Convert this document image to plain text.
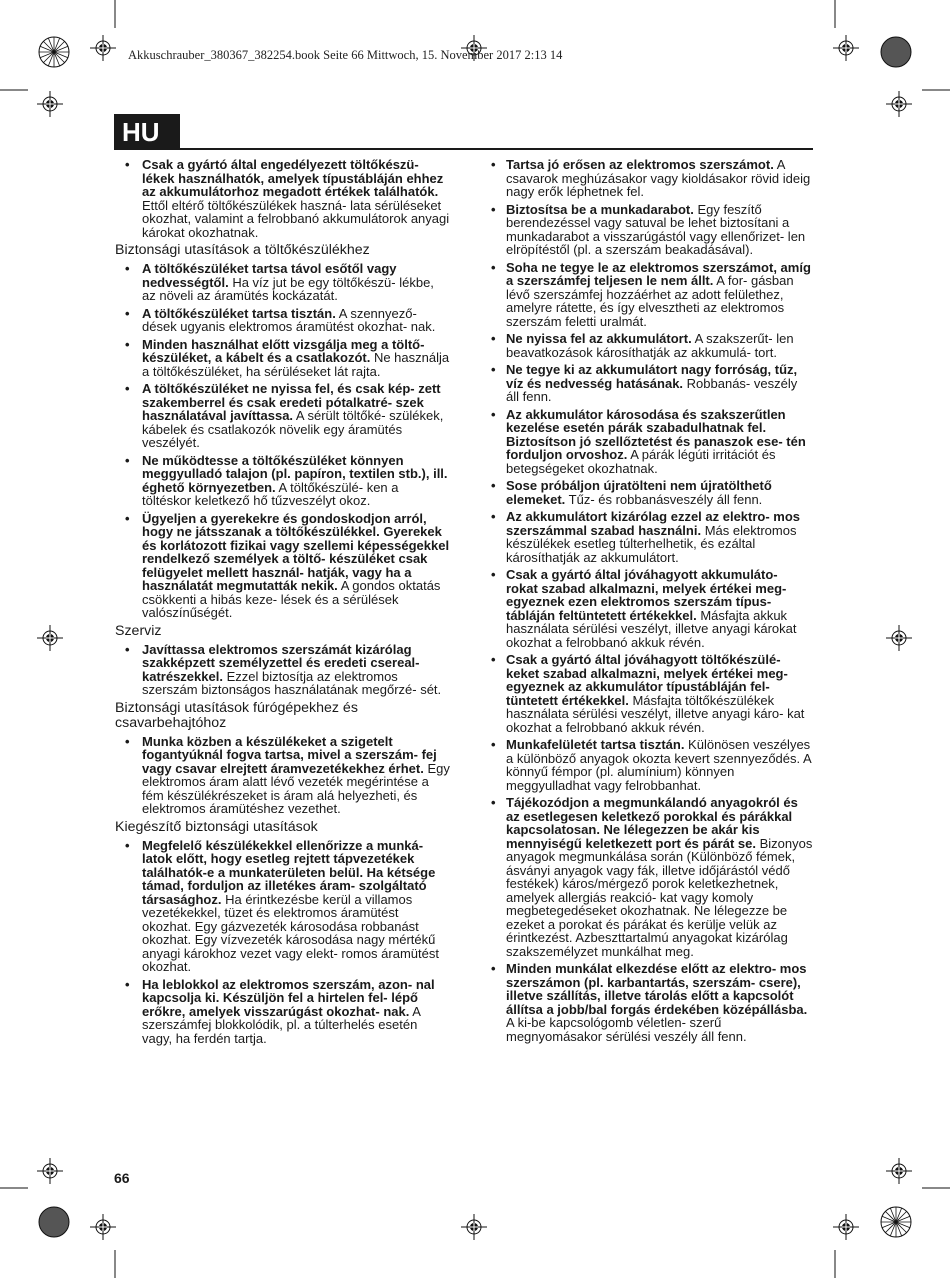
Akkuschrauber_380367_382254.book Seite 66 Mittwoch, 15. November 2017 2:13 14
HU
• Csak a gyártó által engedélyezett töltőkészü- lékek használhatók, amelyek típustábláján ehhez az akkumulátorhoz megadott értékek találhatók. Ettől eltérő töltőkészülékek haszná- lata sérüléseket okozhat, valamint a felrobbanó akkumulátorok anyagi károkat okozhatnak.
Biztonsági utasítások a töltőkészülékhez
• A töltőkészüléket tartsa távol esőtől vagy nedvességtől. Ha víz jut be egy töltőkészü- lékbe, az növeli az áramütés kockázatát.
• A töltőkészüléket tartsa tisztán. A szennyező- dések ugyanis elektromos áramütést okozhat- nak.
• Minden használhat előtt vizsgálja meg a töltő- készüléket, a kábelt és a csatlakozót. Ne használja a töltőkészüléket, ha sérüléseket lát rajta.
• A töltőkészüléket ne nyissa fel, és csak kép- zett szakemberrel és csak eredeti pótalkatré- szek használatával javíttassa. A sérült töltőké- szülékek, kábelek és csatlakozók növelik egy áramütés veszélyét.
• Ne működtesse a töltőkészüléket könnyen meggyulladó talajon (pl. papíron, textilen stb.), ill. éghető környezetben. A töltőkészülé- ken a töltéskor keletkező hő tűzveszélyt okoz.
• Ügyeljen a gyerekekre és gondoskodjon arról, hogy ne játsszanak a töltőkészülékkel. Gyerekek és korlátozott fizikai vagy szellemi képességekkel rendelkező személyek a töltő- készüléket csak felügyelet mellett használ- hatják, vagy ha a használatát megmutatták nekik. A gondos oktatás csökkenti a hibás keze- lések és a sérülések valószínűségét.
Szerviz
• Javíttassa elektromos szerszámát kizárólag szakképzett személyzettel és eredeti csereal- katrészekkel. Ezzel biztosítja az elektromos szerszám biztonságos használatának megőrzé- sét.
Biztonsági utasítások fúrógépekhez és csavarbehajtóhoz
• Munka közben a készülékeket a szigetelt fogantyúknál fogva tartsa, mivel a szerszám- fej vagy csavar elrejtett áramvezetékekhez érhet. Egy elektromos áram alatt lévő vezeték megérintése a fém készülékrészeket is áram alá helyezheti, és elektromos áramütéshez vezethet.
Kiegészítő biztonsági utasítások
• Megfelelő készülékekkel ellenőrizze a munká- latok előtt, hogy esetleg rejtett tápvezetékek találhatók-e a munkaterületen belül. Ha kétsége támad, forduljon az illetékes áram- szolgáltató társasághoz. Ha érintkezésbe kerül a villamos vezetékekkel, tüzet és elektromos áramütést okozhat. Egy gázvezeték károsodása robbanást okozhat. Egy vízvezeték károsodása nagy mértékű anyagi károkhoz vezet vagy elekt- romos áramütést okozhat.
• Ha leblokkol az elektromos szerszám, azon- nal kapcsolja ki. Készüljön fel a hirtelen fel- lépő erőkre, amelyek visszarúgást okozhat- nak. A szerszámfej blokkolódik, pl. a túlterhelés esetén vagy, ha ferdén tartja.
• Tartsa jó erősen az elektromos szerszámot. A csavarok meghúzásakor vagy kioldásakor rövid ideig nagy erők léphetnek fel.
• Biztosítsa be a munkadarabot. Egy feszítő berendezéssel vagy satuval be lehet biztosítani a munkadarabot a visszarúgástól vagy ellenőrizet- len elröpítéstől (pl. a szerszám beakadásával).
• Soha ne tegye le az elektromos szerszámot, amíg a szerszámfej teljesen le nem állt. A for- gásban lévő szerszámfej hozzáérhet az adott felülethez, amelyre rátette, és így elvesztheti az elektromos szerszám feletti uralmát.
• Ne nyissa fel az akkumulátort. A szakszerűt- len beavatkozások károsíthatják az akkumulá- tort.
• Ne tegye ki az akkumulátort nagy forróság, tűz, víz és nedvesség hatásának. Robbanás- veszély áll fenn.
• Az akkumulátor károsodása és szakszerűtlen kezelése esetén párák szabadulhatnak fel. Biztosítson jó szellőztetést és panaszok ese- tén forduljon orvoshoz. A párák légúti irritációt és betegségeket okozhatnak.
• Sose próbáljon újratölteni nem újratölthető elemeket. Tűz- és robbanásveszély áll fenn.
• Az akkumulátort kizárólag ezzel az elektro- mos szerszámmal szabad használni. Más elektromos készülékek esetleg túlterhelhetik, és ezáltal károsíthatják az akkumulátort.
• Csak a gyártó által jóváhagyott akkumuláto- rokat szabad alkalmazni, melyek értékei meg- egyeznek ezen elektromos szerszám típus- tábláján feltüntetett értékekkel. Másfajta akkuk használata sérülési veszélyt, illetve anyagi károkat okozhat a felrobbanó akkuk révén.
• Csak a gyártó által jóváhagyott töltőkészülé- keket szabad alkalmazni, melyek értékei meg- egyeznek az akkumulátor típustábláján fel- tüntetett értékekkel. Másfajta töltőkészülékek használata sérülési veszélyt, illetve anyagi káro- kat okozhat a felrobbanó akkuk révén.
• Munkafelületét tartsa tisztán. Különösen veszélyes a különböző anyagok okozta kevert szennyeződés. A könnyű fémpor (pl. alumínium) könnyen meggyulladhat vagy felrobbanhat.
• Tájékozódjon a megmunkálandó anyagokról és az esetlegesen keletkező porokkal és párákkal kapcsolatosan. Ne lélegezzen be akár kis mennyiségű keletkezett port és párát se. Bizonyos anyagok megmunkálása során (Különböző fémek, ásványi anyagok vagy fák, illetve időjárástól védő festékek) káros/mérgező porok keletkezhetnek, amelyek allergiás reakció- kat vagy komoly megbetegedéseket okozhatnak. Ne lélegezze be ezeket a porokat és párákat és kerülje velük az érintkezést. Azbeszttartalmú anyagokat kizárólag szakszemélyzet munkálhat meg.
• Minden munkálat elkezdése előtt az elektro- mos szerszámon (pl. karbantartás, szerszám- csere), illetve szállítás, illetve tárolás előtt a kapcsolót állítsa a jobb/bal forgás érdekében középállásba. A ki-be kapcsológomb véletlen- szerű megnyomásakor sérülési veszély áll fenn.
66
